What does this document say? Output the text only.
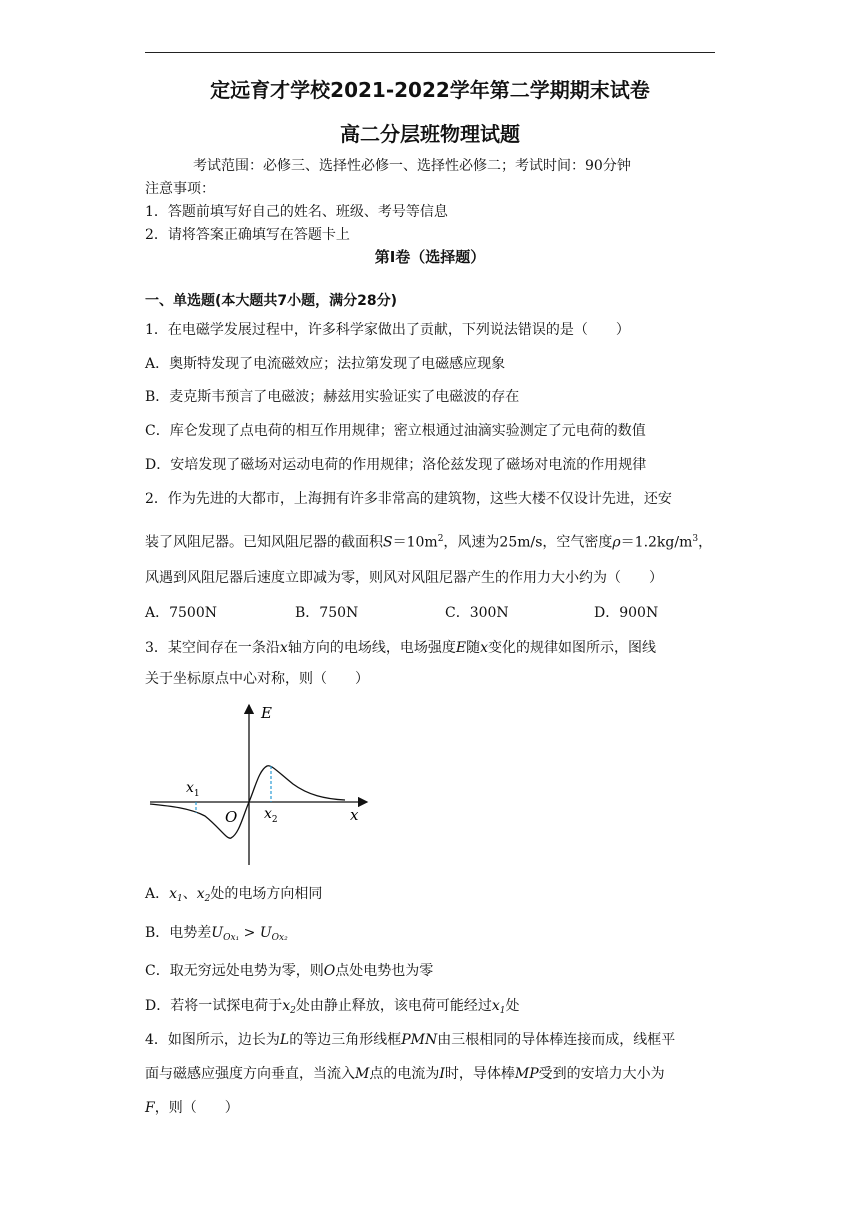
定远育才学校2021-2022学年第二学期期末试卷
高二分层班物理试题
考试范围：必修三、选择性必修一、选择性必修二；考试时间：90分钟
注意事项：
1．答题前填写好自己的姓名、班级、考号等信息
2．请将答案正确填写在答题卡上
第I卷（选择题）
一、单选题(本大题共7小题，满分28分)
1．在电磁学发展过程中，许多科学家做出了贡献，下列说法错误的是（　　）
A．奥斯特发现了电流磁效应；法拉第发现了电磁感应现象
B．麦克斯韦预言了电磁波；赫兹用实验证实了电磁波的存在
C．库仑发现了点电荷的相互作用规律；密立根通过油滴实验测定了元电荷的数值
D．安培发现了磁场对运动电荷的作用规律；洛伦兹发现了磁场对电流的作用规律
2．作为先进的大都市，上海拥有许多非常高的建筑物，这些大楼不仅设计先进，还安
装了风阻尼器。已知风阻尼器的截面积$S=10m^2$，风速为25m/s，空气密度$\rho=1.2kg/m^3$，
风遇到风阻尼器后速度立即减为零，则风对风阻尼器产生的作用力大小约为（　　）
A．7500N	B．750N	C．300N	D．900N
3．某空间存在一条沿x轴方向的电场线，电场强度E随x变化的规律如图所示，图线
关于坐标原点中心对称，则（　　）
E
x
O
$x_1$
$x_2$
A．$x_1$、$x_2$处的电场方向相同
B．电势差$U_{Ox_1} > U_{Ox_2}$
C．取无穷远处电势为零，则O点处电势也为零
D．若将一试探电荷于$x_2$处由静止释放，该电荷可能经过$x_1$处
4．如图所示，边长为L的等边三角形线框PMN由三根相同的导体棒连接而成，线框平
面与磁感应强度方向垂直，当流入M点的电流为I时，导体棒MP受到的安培力大小为
F，则（　　）
